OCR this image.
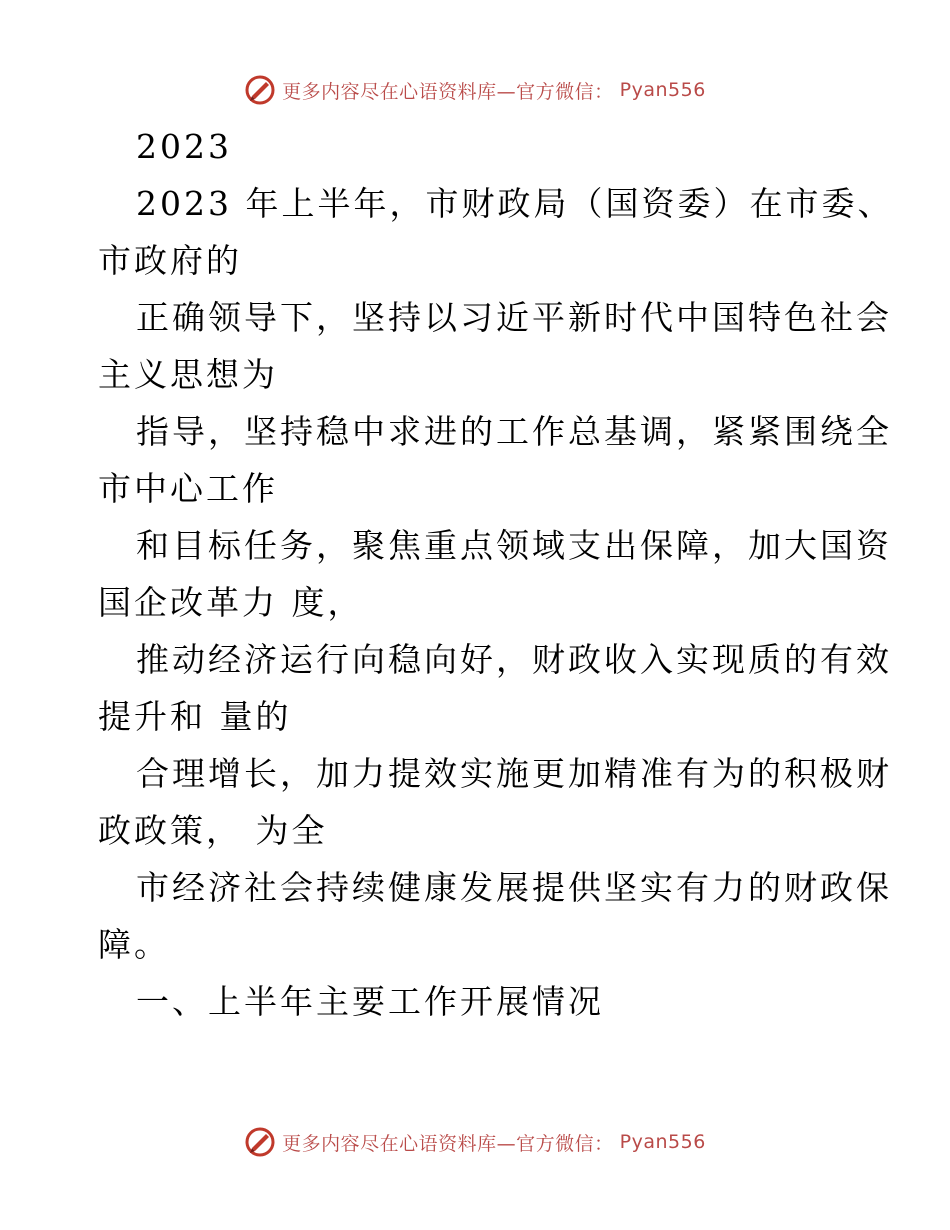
更多内容尽在心语资料库—官方微信： Pyan556
2023
2023 年上半年，市财政局（国资委）在市委、
市政府的
正确领导下，坚持以习近平新时代中国特色社会
主义思想为
指导，坚持稳中求进的工作总基调，紧紧围绕全
市中心工作
和目标任务，聚焦重点领域支出保障，加大国资
国企改革力 度，
推动经济运行向稳向好，财政收入实现质的有效
提升和 量的
合理增长，加力提效实施更加精准有为的积极财
政政策， 为全
市经济社会持续健康发展提供坚实有力的财政保
障。
一、上半年主要工作开展情况
更多内容尽在心语资料库—官方微信： Pyan556
